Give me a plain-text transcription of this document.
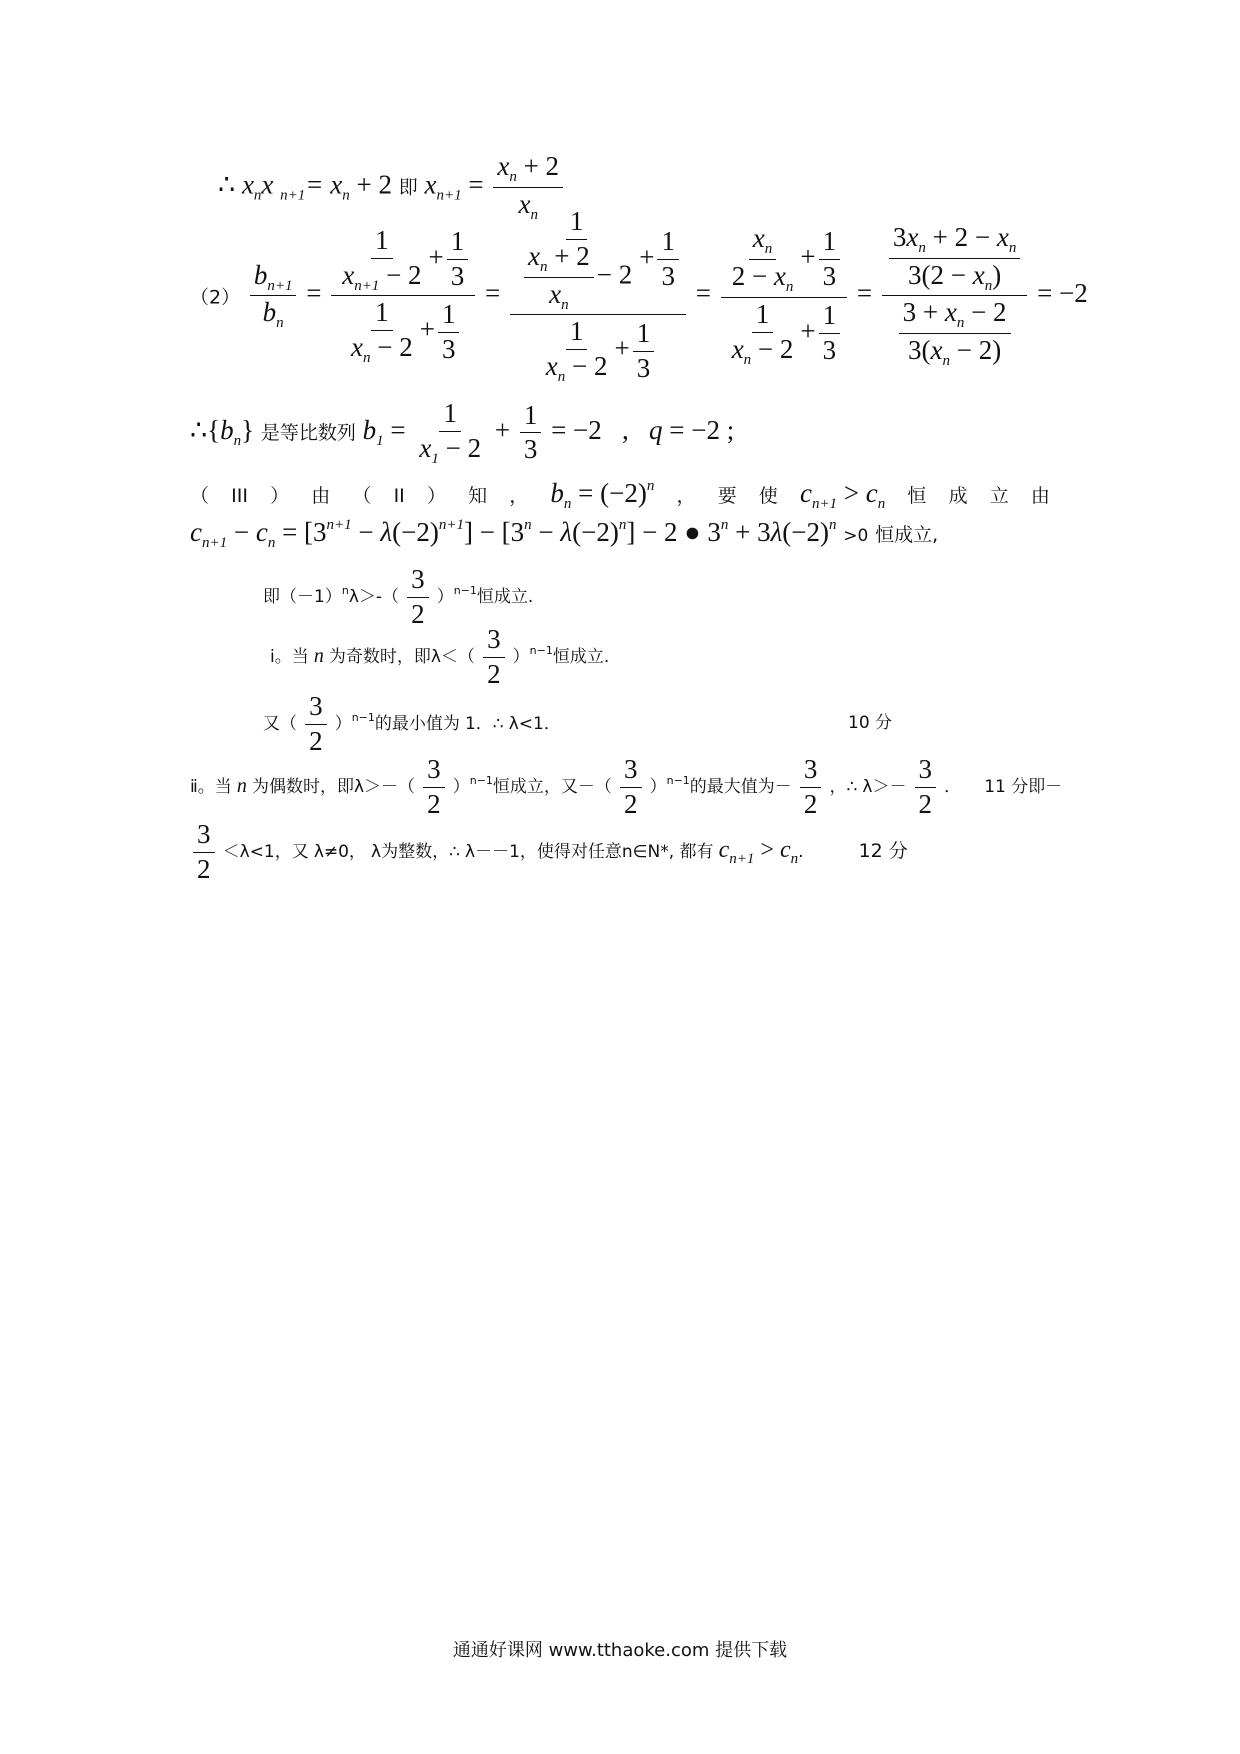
∴ $x_nx$ $_{n+1}= x_n + 2$ 即 $x_{n+1} = \frac{x_n + 2}{x_n}$
$(2) \frac{b_{n+1}}{b_n} = \frac{\frac{1}{x_{n+1} - 2} + \frac{1}{3}}{\frac{1}{x_n - 2} + \frac{1}{3}} = \frac{\frac{1}{\frac{x_n + 2}{x_n} - 2} + \frac{1}{3}}{\frac{1}{x_n - 2} + \frac{1}{3}} = \frac{\frac{x_n}{2 - x_n} + \frac{1}{3}}{\frac{1}{x_n - 2} + \frac{1}{3}} = \frac{\frac{3x_n + 2 - x_n}{3(2 - x_n)}}{\frac{3 + x_n - 2}{3(x_n - 2)}} = -2$
$\therefore\{b_n\}$ 是等比数列 $b_1 = \frac{1}{x_1 - 2} + \frac{1}{3} = -2$   ,   q = −2 ;
（ III ） 由 （ II ） 知 ， $b_n = (-2)^n$ ， 要 使 $c_{n+1} > c_n$ 恒 成 立 由
$c_{n+1} - c_n = [3^{n+1} - \lambda(-2)^{n+1}] - [3^n - \lambda(-2)^n] - 2$ ● $3^n + 3\lambda(-2)^n >0$ 恒成立,
即$(-1)^n\lambda>-( \frac{3}{2} )^{n-1}$恒成立.
ⅰ。当 n 为奇数时，即$\lambda<( \frac{3}{2} )^{n-1}$恒成立.
又（ $\frac{3}{2} )^{n-1}$的最小值为 1．∴ λ<1．	10 分
ⅱ。当 n 为偶数时，即$\lambda>-( \frac{3}{2} )^{n-1}$恒成立，又－（ $\frac{3}{2} )^{n-1}$的最大值为－ $\frac{3}{2}$ ，∴ $\lambda>- \frac{3}{2}$ ． 11 分即－
$\frac{3}{2} <\lambda<1$，又 λ≠0， λ为整数，∴ λ－－1，使得对任意n∈N*, 都有 $c_{n+1} > c_n$.	12 分
通通好课网 www.tthaoke.com 提供下载
